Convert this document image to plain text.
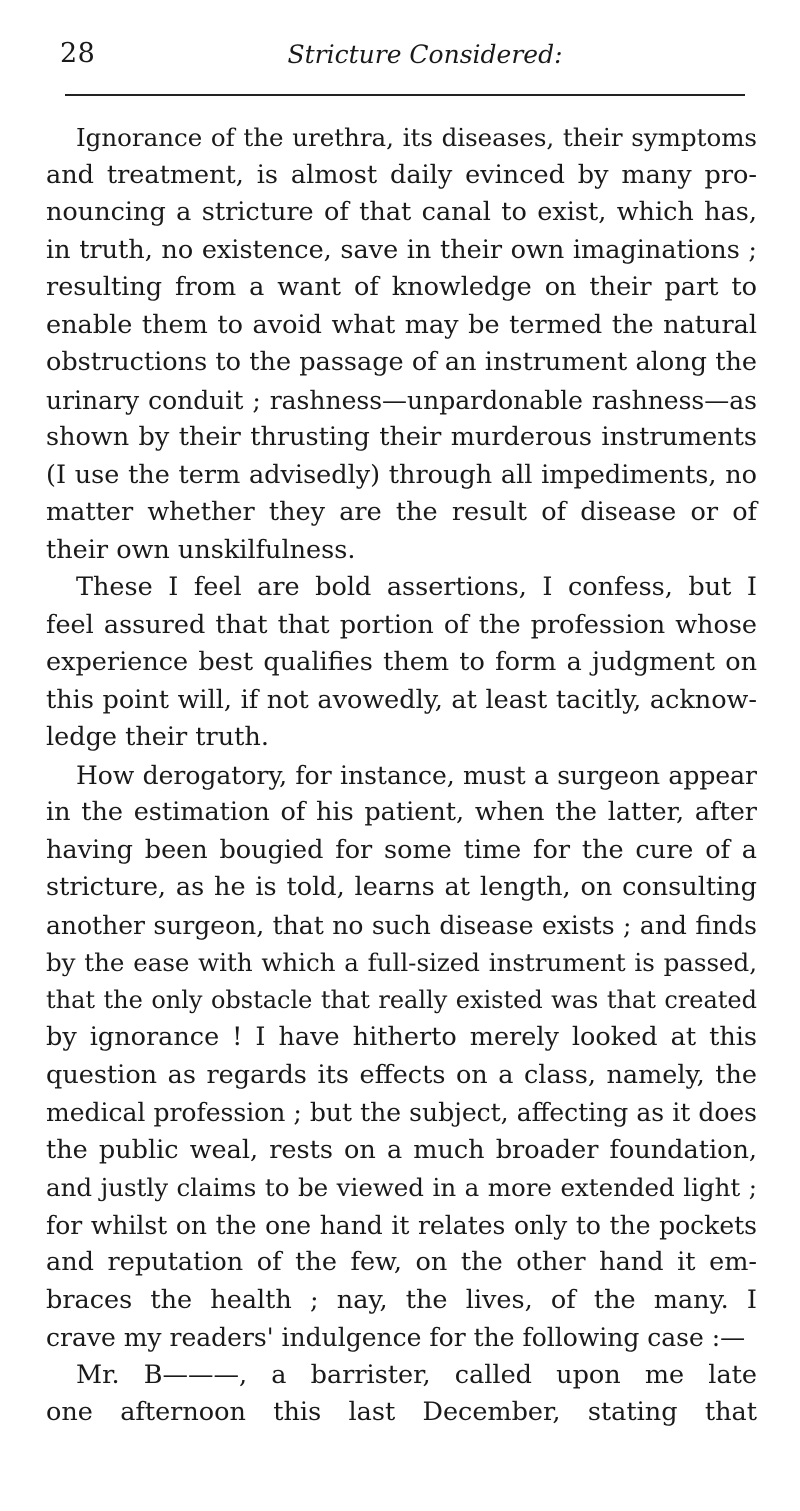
28	Stricture Considered:
Ignorance of the urethra, its diseases, their symptoms
and treatment, is almost daily evinced by many pro-
nouncing a stricture of that canal to exist, which has,
in truth, no existence, save in their own imaginations ;
resulting from a want of knowledge on their part to
enable them to avoid what may be termed the natural
obstructions to the passage of an instrument along the
urinary conduit ; rashness—unpardonable rashness—as
shown by their thrusting their murderous instruments
(I use the term advisedly) through all impediments, no
matter whether they are the result of disease or of
their own unskilfulness.
These I feel are bold assertions, I confess, but I
feel assured that that portion of the profession whose
experience best qualifies them to form a judgment on
this point will, if not avowedly, at least tacitly, acknow-
ledge their truth.
How derogatory, for instance, must a surgeon appear
in the estimation of his patient, when the latter, after
having been bougied for some time for the cure of a
stricture, as he is told, learns at length, on consulting
another surgeon, that no such disease exists ; and finds
by the ease with which a full-sized instrument is passed,
that the only obstacle that really existed was that created
by ignorance ! I have hitherto merely looked at this
question as regards its effects on a class, namely, the
medical profession ; but the subject, affecting as it does
the public weal, rests on a much broader foundation,
and justly claims to be viewed in a more extended light ;
for whilst on the one hand it relates only to the pockets
and reputation of the few, on the other hand it em-
braces the health ; nay, the lives, of the many. I
crave my readers' indulgence for the following case :—
Mr. B———, a barrister, called upon me late
one afternoon this last December, stating that
